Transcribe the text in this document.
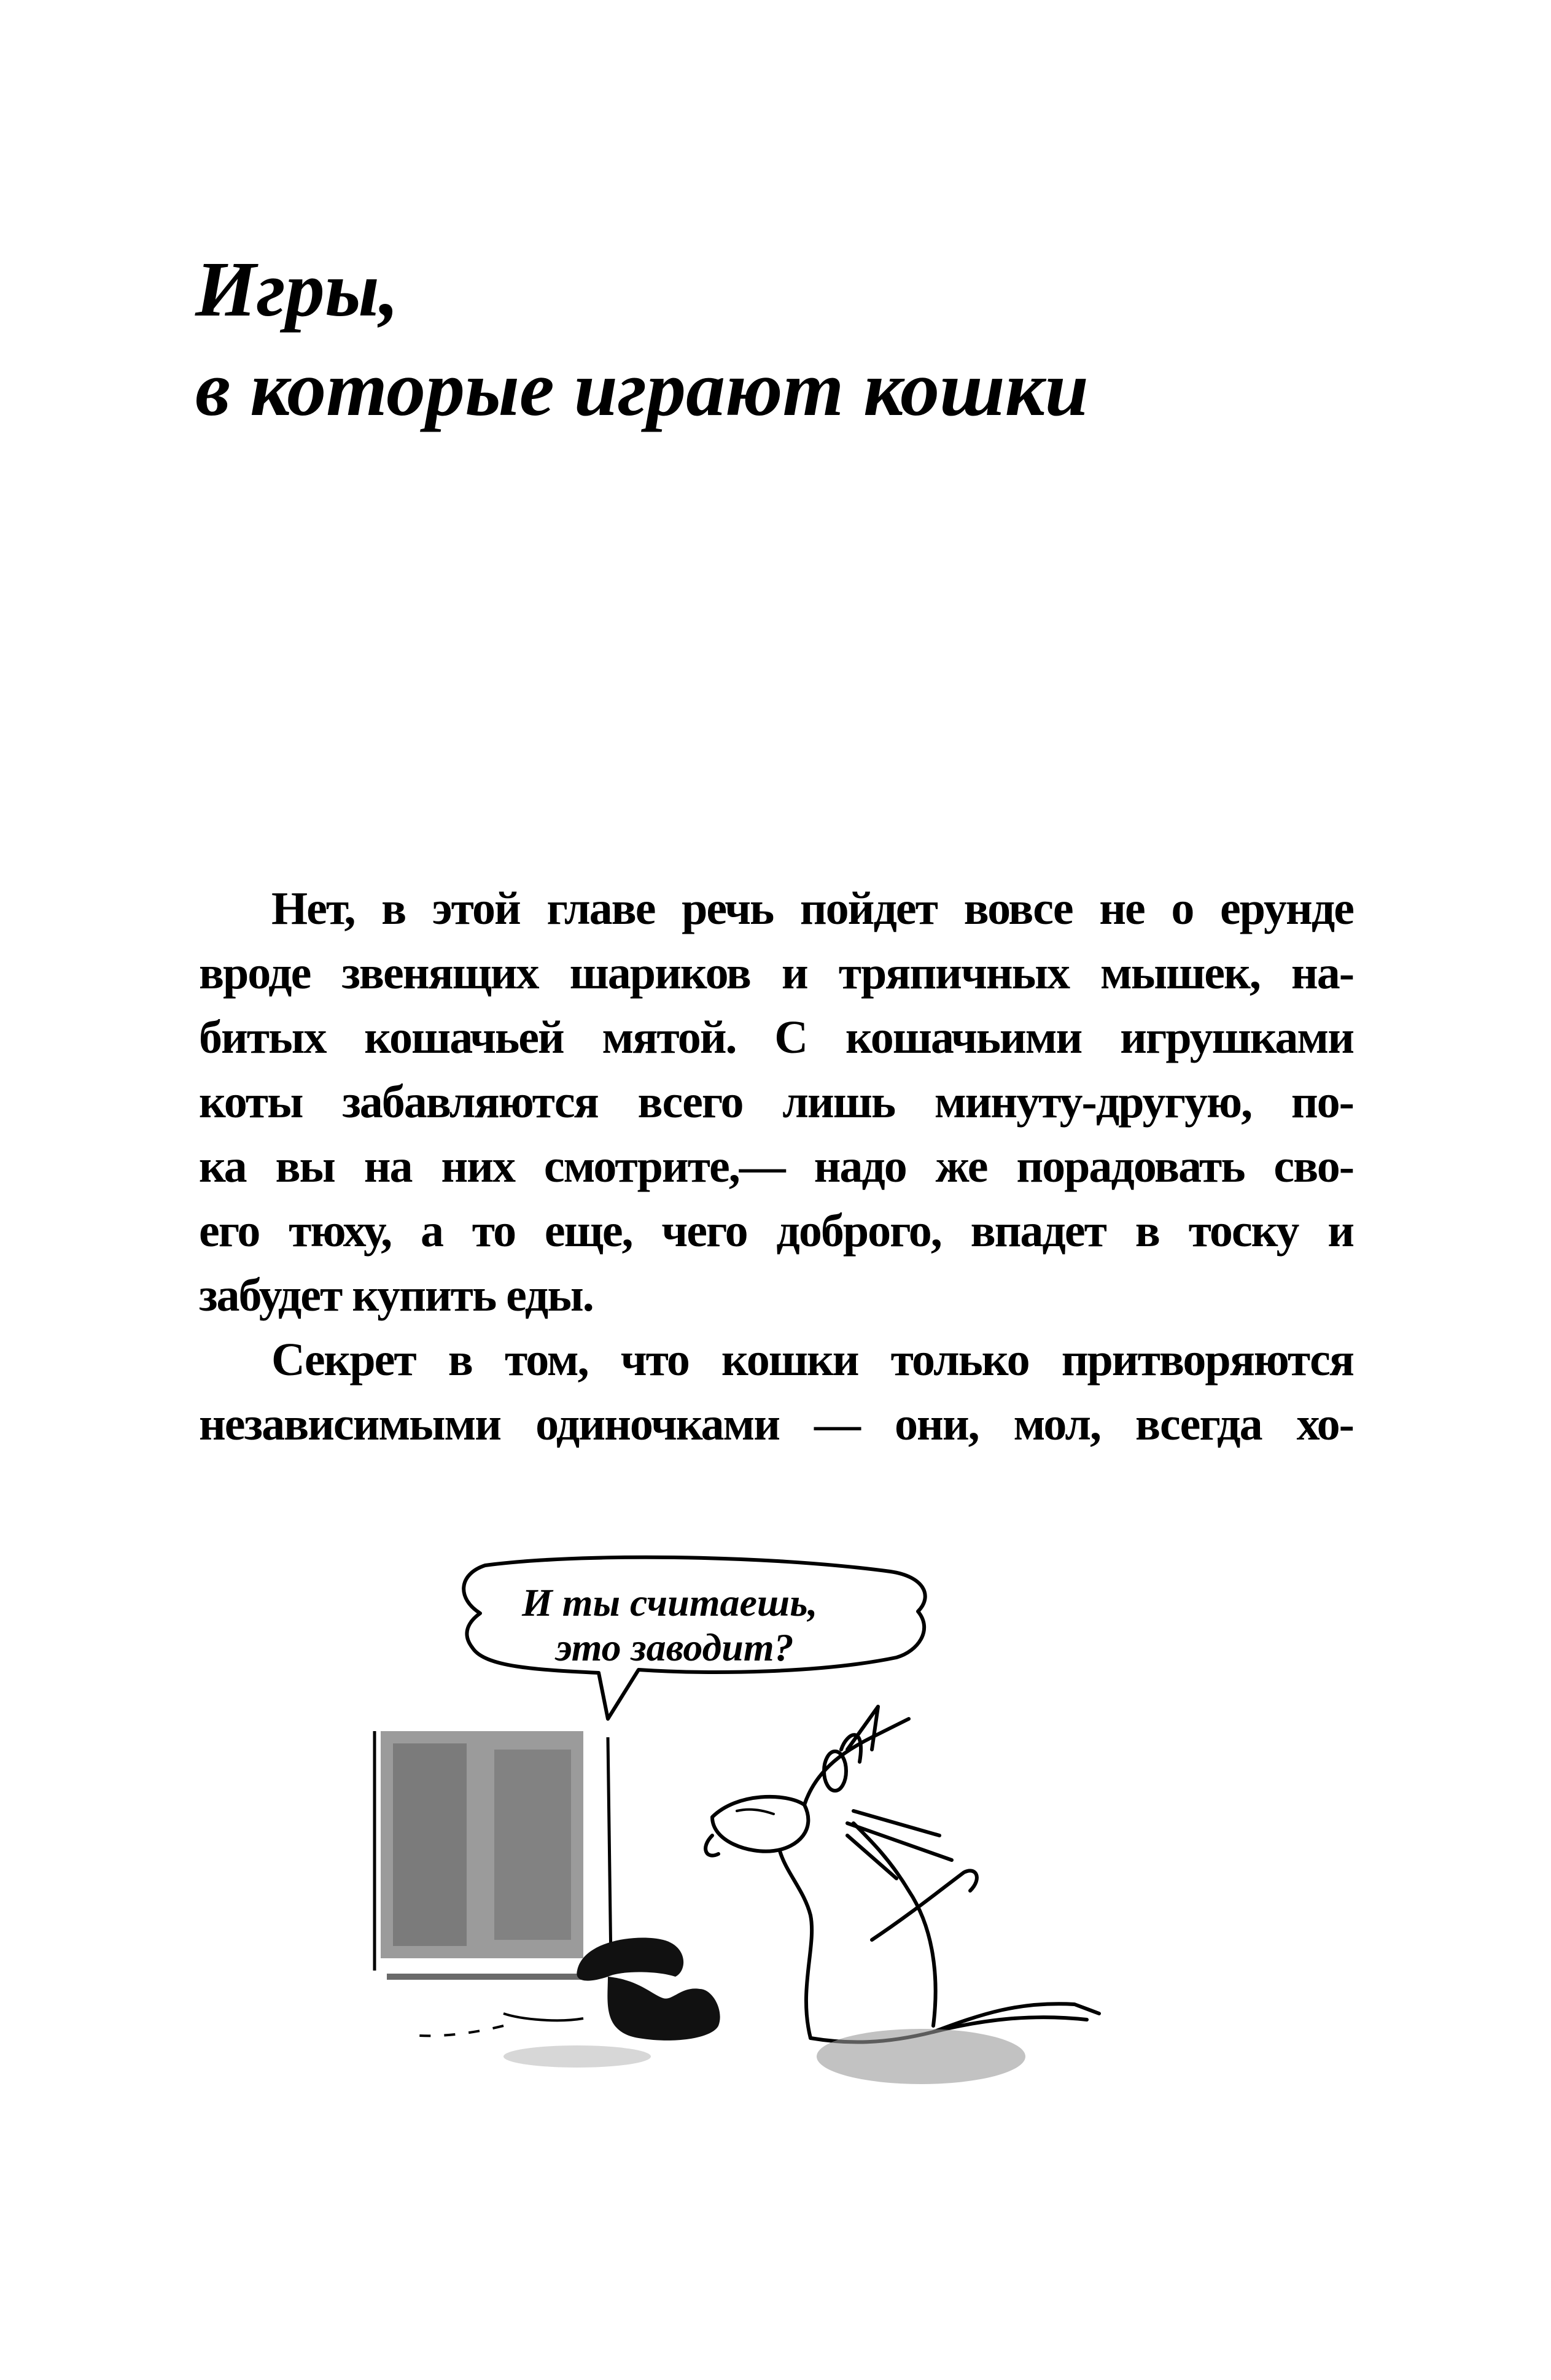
Игры,
в которые играют кошки
Нет, в этой главе речь пойдет вовсе не о ерунде
вроде звенящих шариков и тряпичных мышек, на-
битых кошачьей мятой. С кошачьими игрушками
коты забавляются всего лишь минуту-другую, по-
ка вы на них смотрите,— надо же порадовать сво-
его тюху, а то еще, чего доброго, впадет в тоску и
забудет купить еды.
Секрет в том, что кошки только притворяются
независимыми одиночками — они, мол, всегда хо-
И ты считаешь,
это заводит?
